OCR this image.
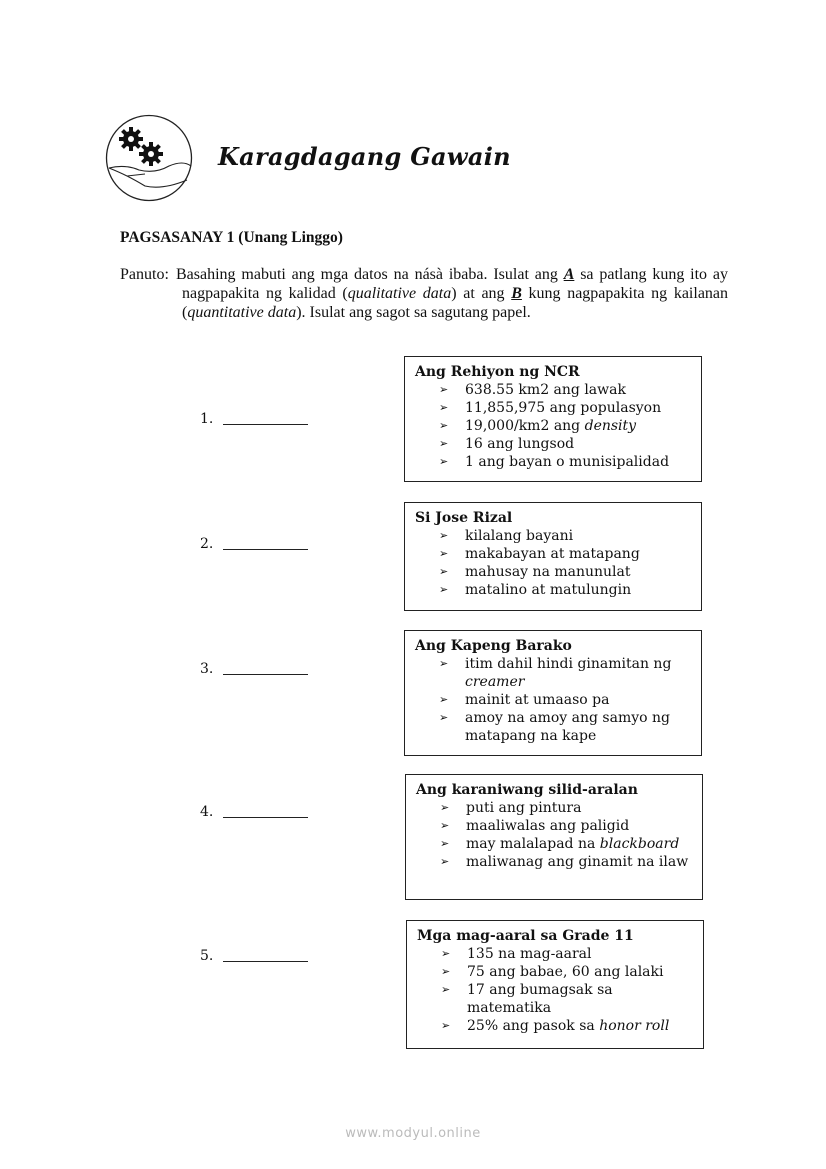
Karagdagang Gawain
PAGSASANAY 1 (Unang Linggo)
Panuto: Basahing mabuti ang mga datos na násà ibaba. Isulat ang A sa patlang kung ito ay nagpapakita ng kalidad (qualitative data) at ang B kung nagpapakita ng kailanan (quantitative data). Isulat ang sagot sa sagutang papel.
1.
Ang Rehiyon ng NCR
➢ 638.55 km2 ang lawak
➢ 11,855,975 ang populasyon
➢ 19,000/km2 ang density
➢ 16 ang lungsod
➢ 1 ang bayan o munisipalidad
2.
Si Jose Rizal
➢ kilalang bayani
➢ makabayan at matapang
➢ mahusay na manunulat
➢ matalino at matulungin
3.
Ang Kapeng Barako
➢ itim dahil hindi ginamitan ng creamer
➢ mainit at umaaso pa
➢ amoy na amoy ang samyo ng matapang na kape
4.
Ang karaniwang silid-aralan
➢ puti ang pintura
➢ maaliwalas ang paligid
➢ may malalapad na blackboard
➢ maliwanag ang ginamit na ilaw
5.
Mga mag-aaral sa Grade 11
➢ 135 na mag-aaral
➢ 75 ang babae, 60 ang lalaki
➢ 17 ang bumagsak sa matematika
➢ 25% ang pasok sa honor roll
www.modyul.online
